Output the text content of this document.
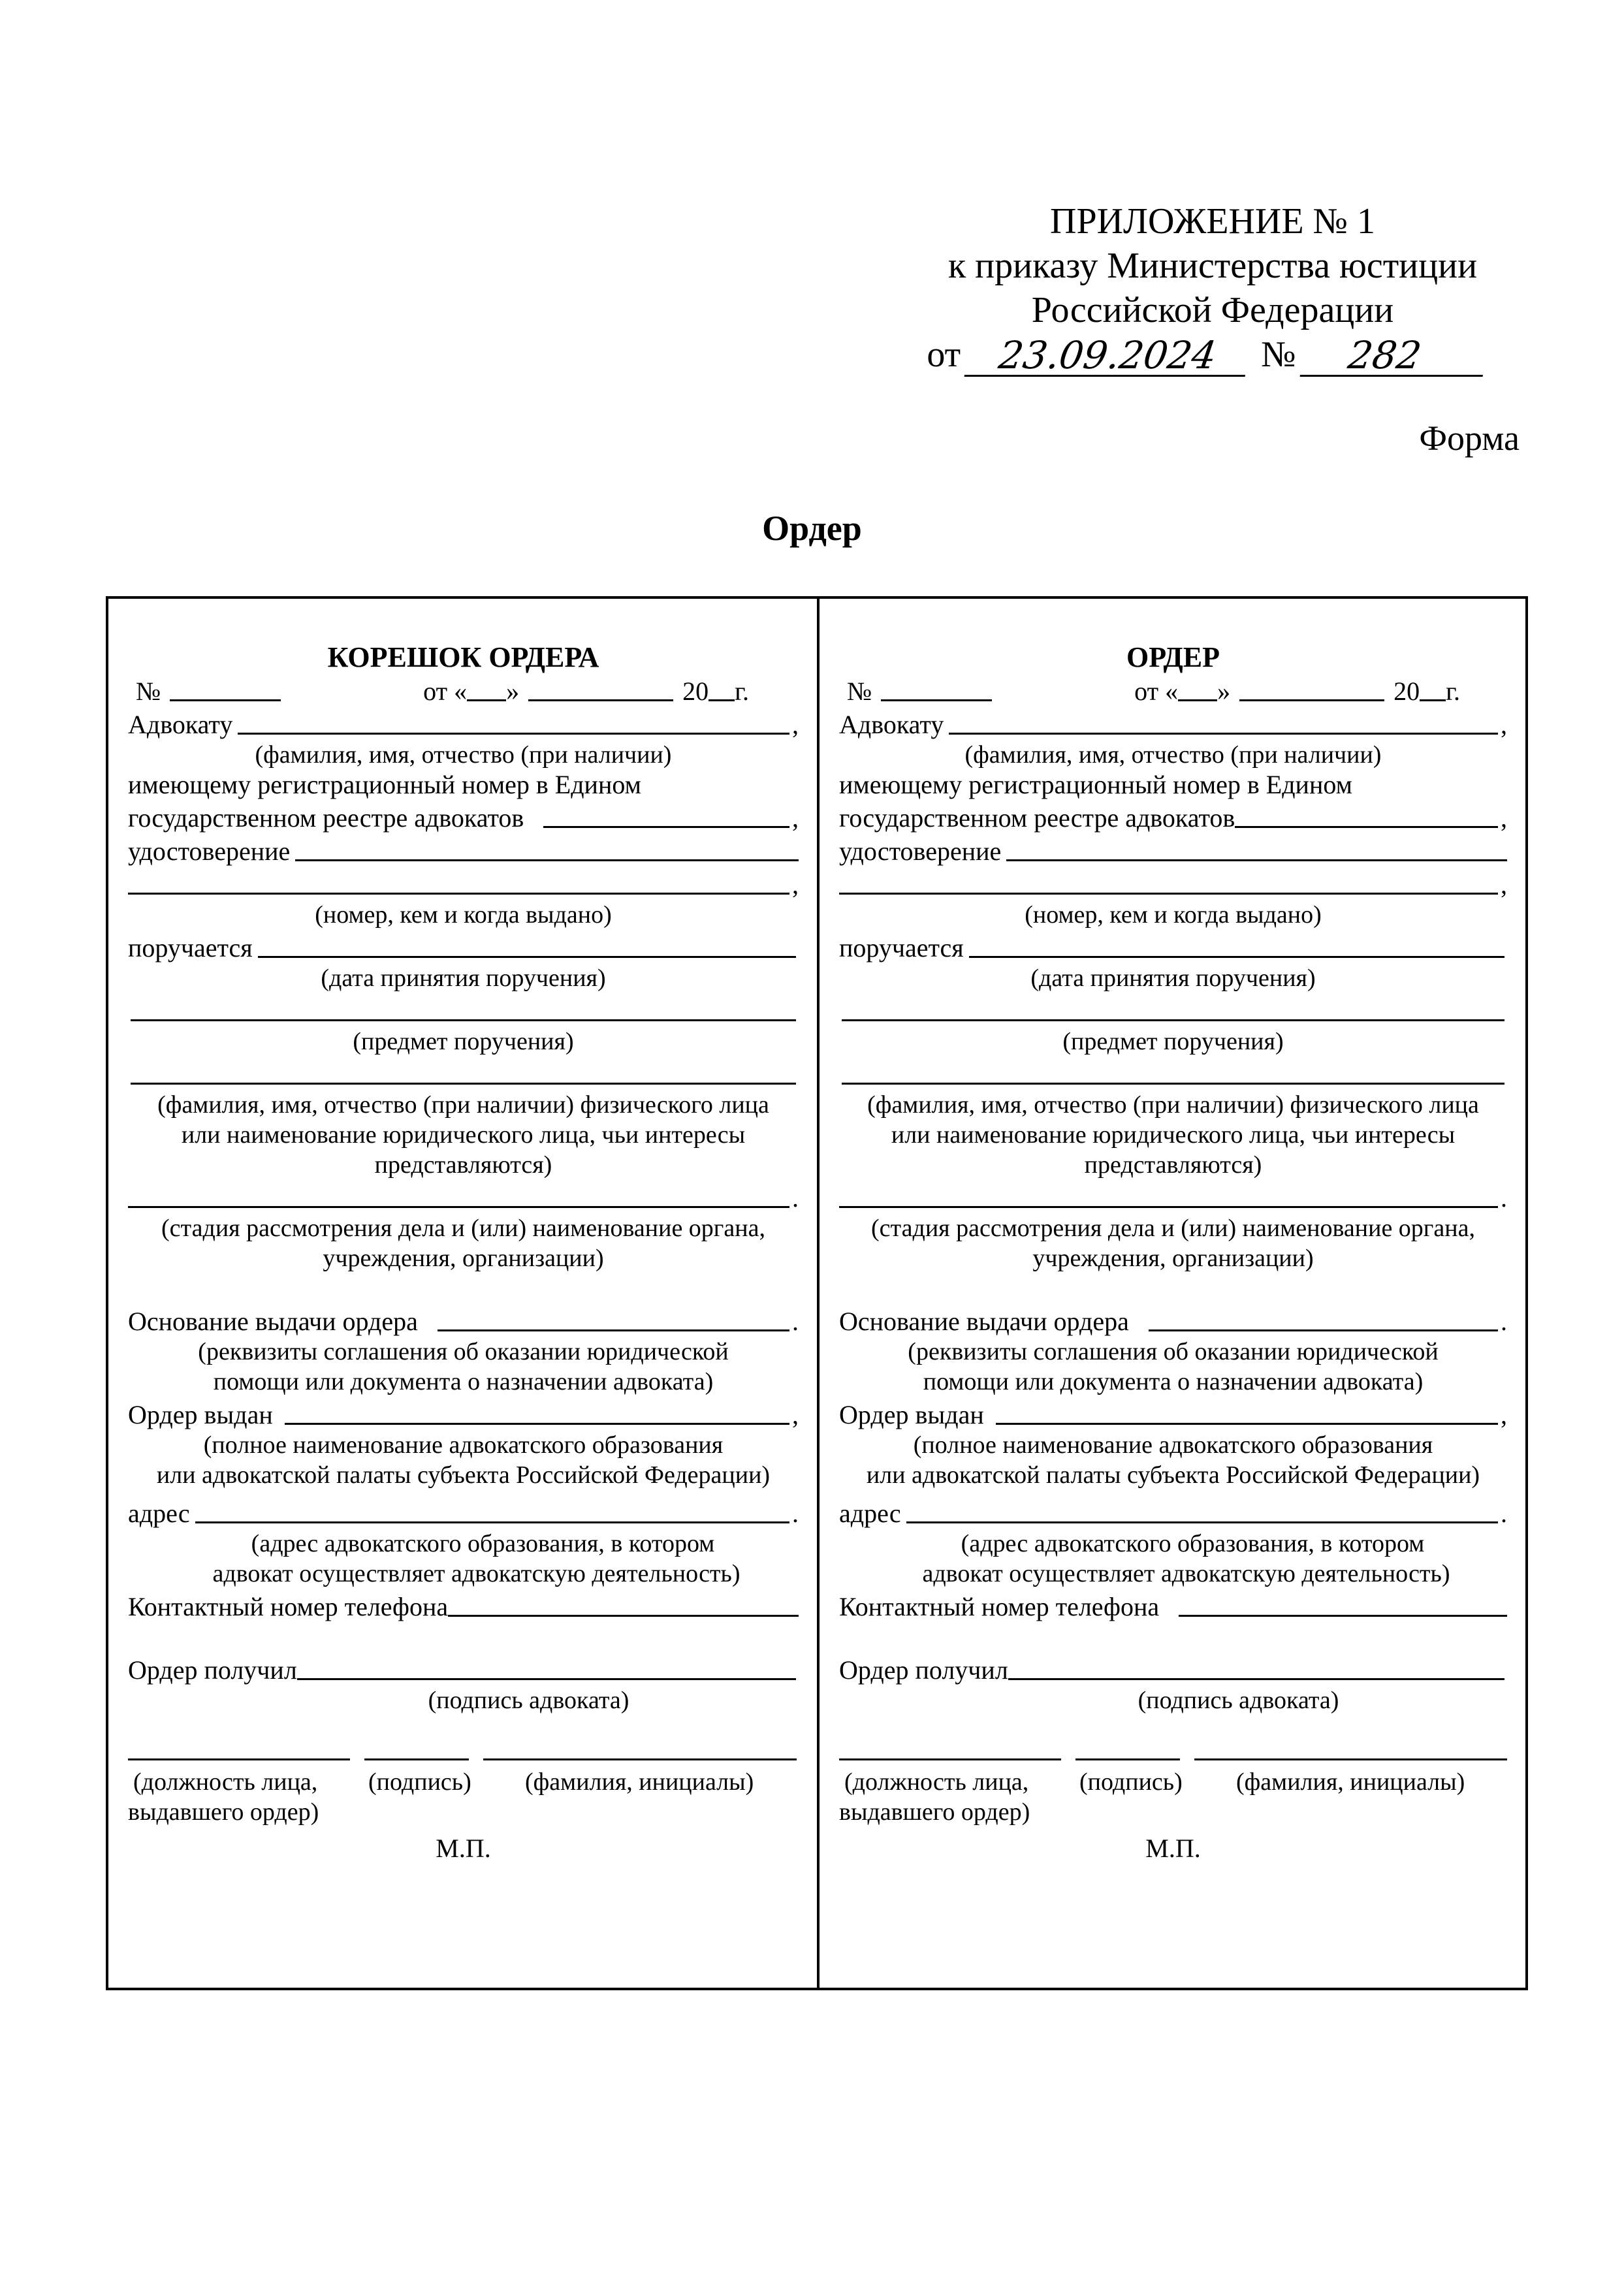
ПРИЛОЖЕНИЕ № 1
к приказу Министерства юстиции
Российской Федерации
от 23.09.2024	№	282
Форма
Ордер
КОРЕШОК ОРДЕРА
№	от « »	20 г.
Адвокату	,
(фамилия, имя, отчество (при наличии)
имеющему регистрационный номер в Едином
государственном реестре адвокатов	,
удостоверение
,
(номер, кем и когда выдано)
поручается
(дата принятия поручения)
(предмет поручения)
(фамилия, имя, отчество (при наличии) физического лица
или наименование юридического лица, чьи интересы
представляются)
.
(стадия рассмотрения дела и (или) наименование органа,
учреждения, организации)
Основание выдачи ордера	.
(реквизиты соглашения об оказании юридической
помощи или документа о назначении адвоката)
Ордер выдан	,
(полное наименование адвокатского образования
или адвокатской палаты субъекта Российской Федерации)
адрес	.
(адрес адвокатского образования, в котором
адвокат осуществляет адвокатскую деятельность)
Контактный номер телефона
Ордер получил
(подпись адвоката)
(должность лица,	(подпись)	(фамилия, инициалы)
выдавшего ордер)
М.П.
ОРДЕР
№	от « »	20 г.
Адвокату	,
(фамилия, имя, отчество (при наличии)
имеющему регистрационный номер в Едином
государственном реестре адвокатов	,
удостоверение
,
(номер, кем и когда выдано)
поручается
(дата принятия поручения)
(предмет поручения)
(фамилия, имя, отчество (при наличии) физического лица
или наименование юридического лица, чьи интересы
представляются)
.
(стадия рассмотрения дела и (или) наименование органа,
учреждения, организации)
Основание выдачи ордера	.
(реквизиты соглашения об оказании юридической
помощи или документа о назначении адвоката)
Ордер выдан	,
(полное наименование адвокатского образования
или адвокатской палаты субъекта Российской Федерации)
адрес	.
(адрес адвокатского образования, в котором
адвокат осуществляет адвокатскую деятельность)
Контактный номер телефона
Ордер получил
(подпись адвоката)
(должность лица,	(подпись)	(фамилия, инициалы)
выдавшего ордер)
М.П.
